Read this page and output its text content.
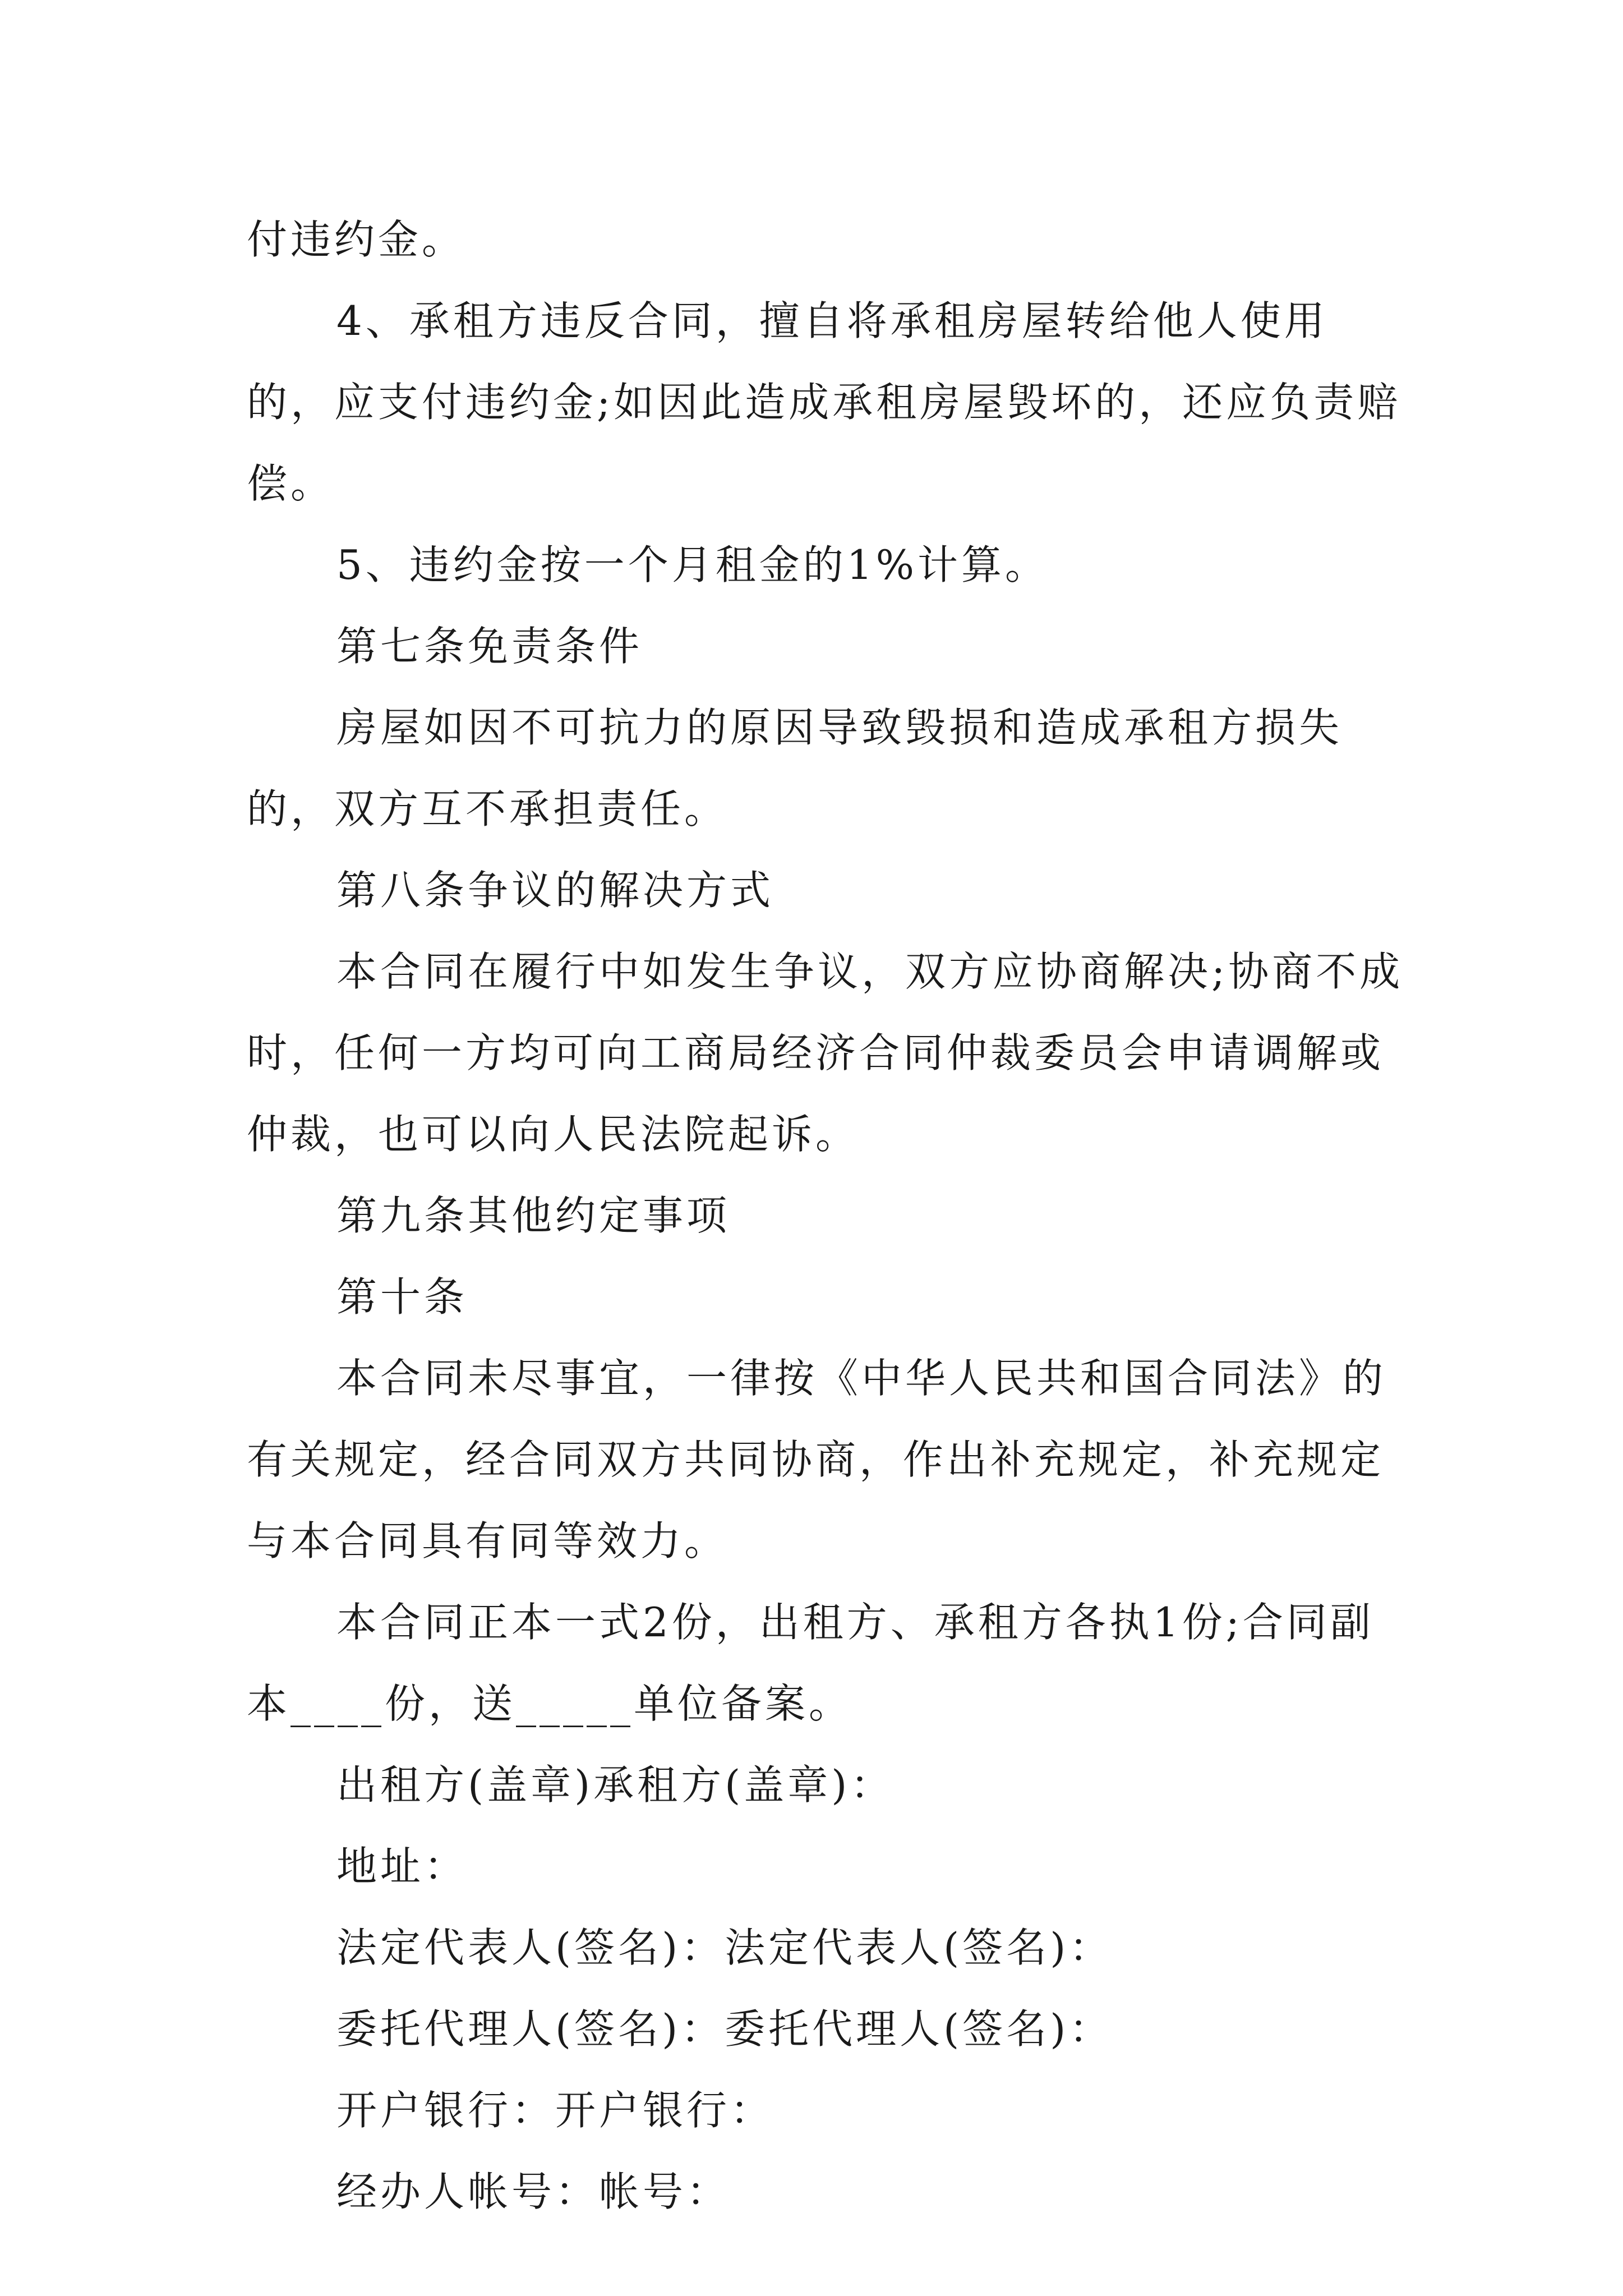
付违约金。

4、承租方违反合同，擅自将承租房屋转给他人使用的，应支付违约金;如因此造成承租房屋毁坏的，还应负责赔偿。

5、违约金按一个月租金的1%计算。

第七条免责条件

房屋如因不可抗力的原因导致毁损和造成承租方损失的，双方互不承担责任。

第八条争议的解决方式

本合同在履行中如发生争议，双方应协商解决;协商不成时，任何一方均可向工商局经济合同仲裁委员会申请调解或仲裁，也可以向人民法院起诉。

第九条其他约定事项

第十条

本合同未尽事宜，一律按《中华人民共和国合同法》的有关规定，经合同双方共同协商，作出补充规定，补充规定与本合同具有同等效力。

本合同正本一式2份，出租方、承租方各执1份;合同副本____份，送_____单位备案。

出租方(盖章)承租方(盖章)：

地址：

法定代表人(签名)：法定代表人(签名)：

委托代理人(签名)：委托代理人(签名)：

开户银行：开户银行：

经办人帐号：帐号：
